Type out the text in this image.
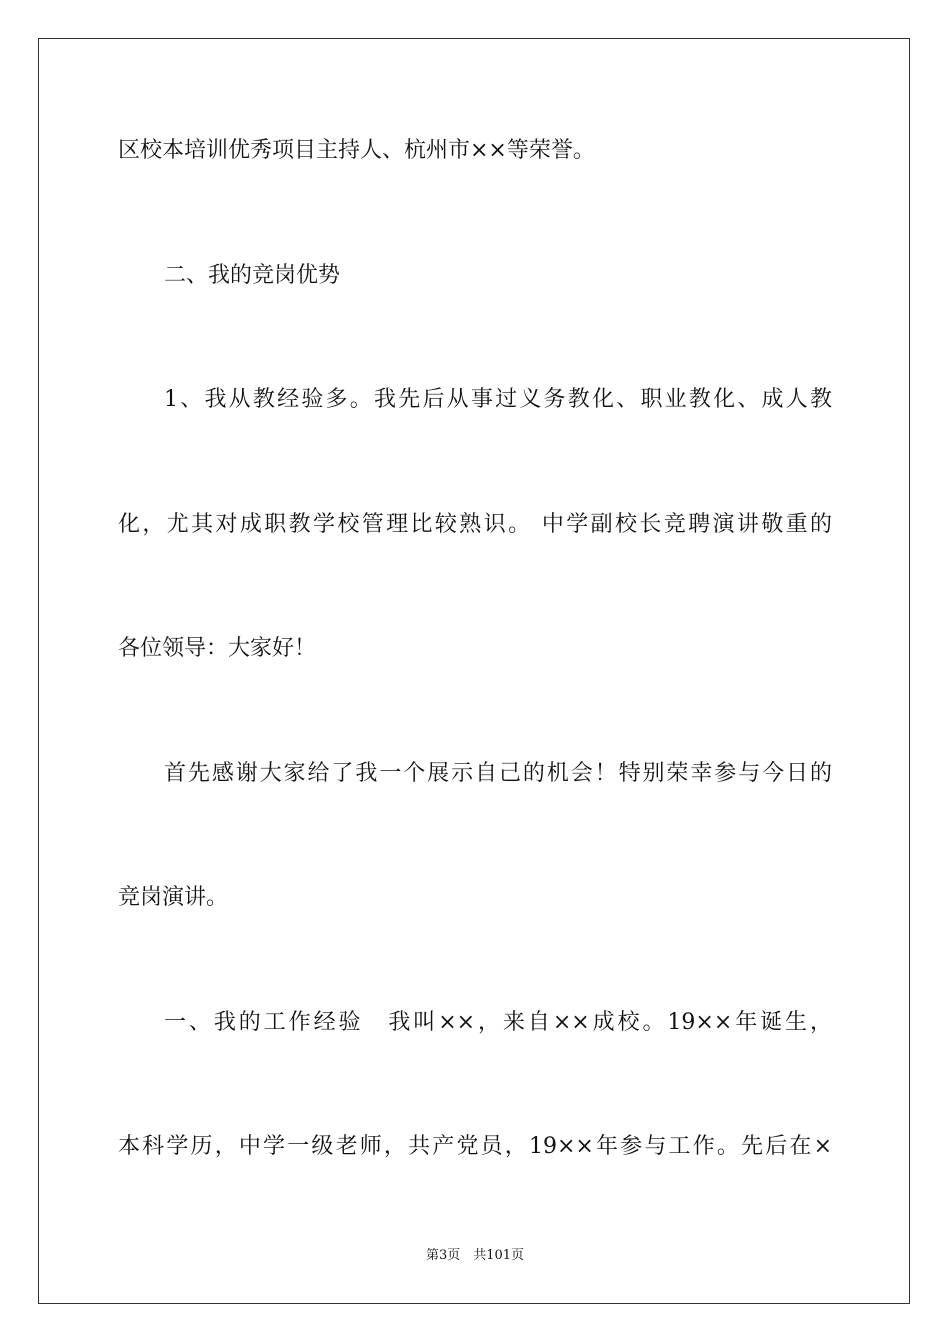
区校本培训优秀项目主持人、杭州市××等荣誉。
二、我的竞岗优势
1、我从教经验多。我先后从事过义务教化、职业教化、成人教
化，尤其对成职教学校管理比较熟识。 中学副校长竞聘演讲敬重的
各位领导：大家好！
首先感谢大家给了我一个展示自己的机会！特别荣幸参与今日的
竞岗演讲。
一、我的工作经验　我叫××，来自××成校。19××年诞生，
本科学历，中学一级老师，共产党员，19××年参与工作。先后在×
第3页　共101页
